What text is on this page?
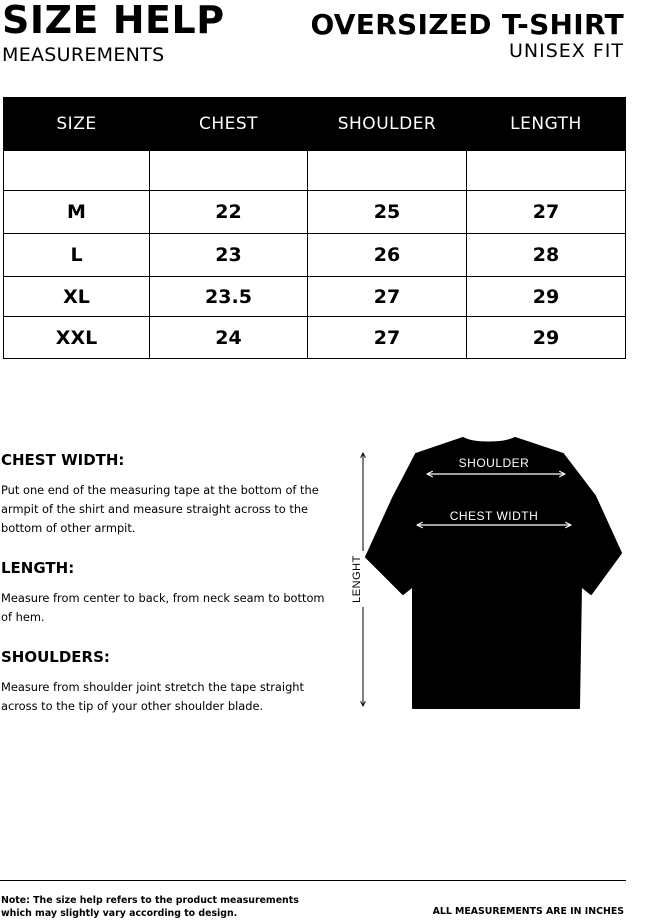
SIZE HELP
MEASUREMENTS
OVERSIZED T-SHIRT
UNISEX FIT
SIZE	CHEST	SHOULDER	LENGTH

M	22	25	27
L	23	26	28
XL	23.5	27	29
XXL	24	27	29
CHEST WIDTH:
Put one end of the measuring tape at the bottom of the armpit of the shirt and measure straight across to the bottom of other armpit.
LENGTH:
Measure from center to back, from neck seam to bottom of hem.
SHOULDERS:
Measure from shoulder joint stretch the tape straight across to the tip of your other shoulder blade.
SHOULDER
CHEST WIDTH
LENGHT
Note: The size help refers to the product measurements
which may slightly vary according to design.	ALL MEASUREMENTS ARE IN INCHES
